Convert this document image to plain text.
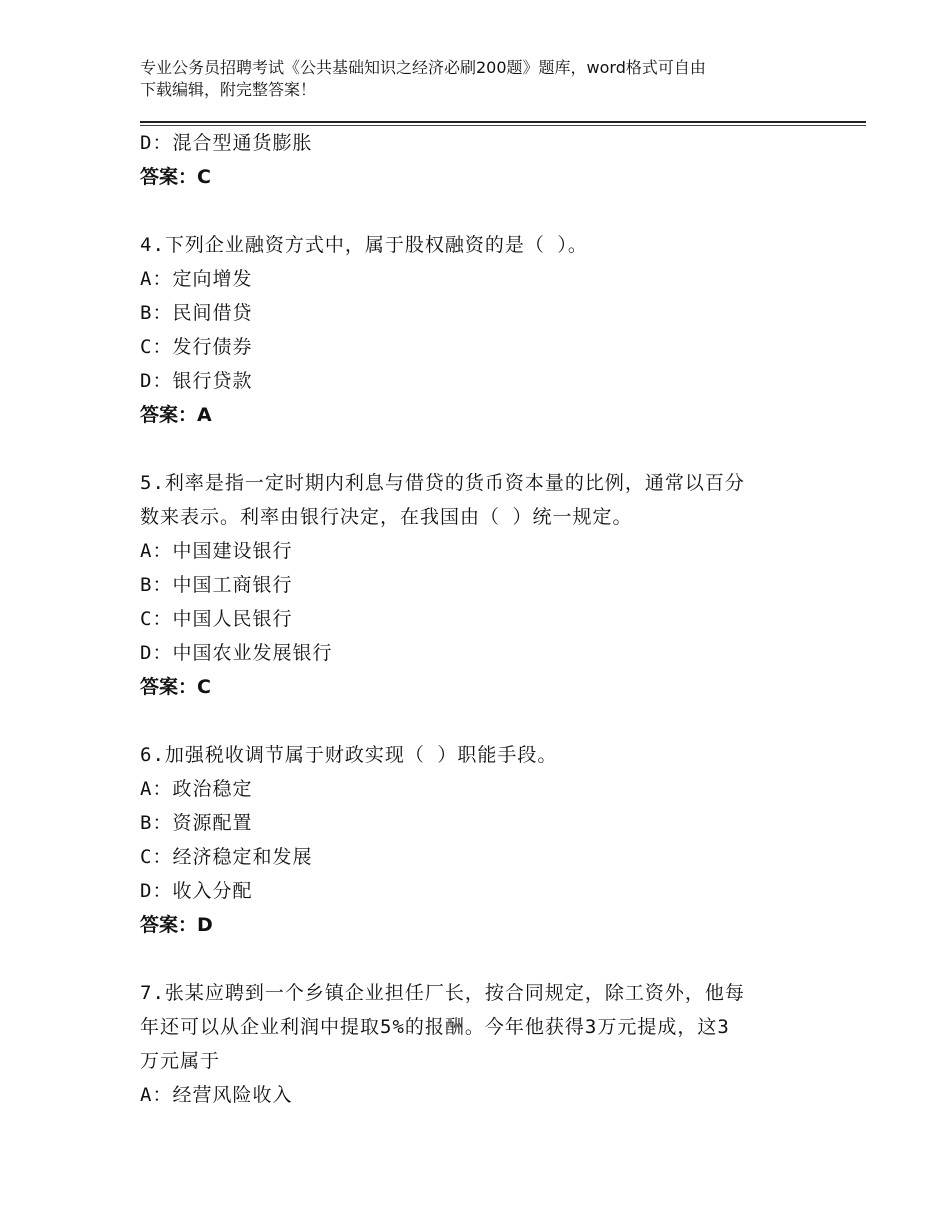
专业公务员招聘考试《公共基础知识之经济必刷200题》题库，word格式可自由
下载编辑，附完整答案！
D：混合型通货膨胀
答案：C
4.下列企业融资方式中，属于股权融资的是（ ）。
A：定向增发
B：民间借贷
C：发行债券
D：银行贷款
答案：A
5.利率是指一定时期内利息与借贷的货币资本量的比例，通常以百分
数来表示。利率由银行决定，在我国由（ ）统一规定。
A：中国建设银行
B：中国工商银行
C：中国人民银行
D：中国农业发展银行
答案：C
6.加强税收调节属于财政实现（ ）职能手段。
A：政治稳定
B：资源配置
C：经济稳定和发展
D：收入分配
答案：D
7.张某应聘到一个乡镇企业担任厂长，按合同规定，除工资外，他每
年还可以从企业利润中提取5%的报酬。今年他获得3万元提成，这3
万元属于
A：经营风险收入
